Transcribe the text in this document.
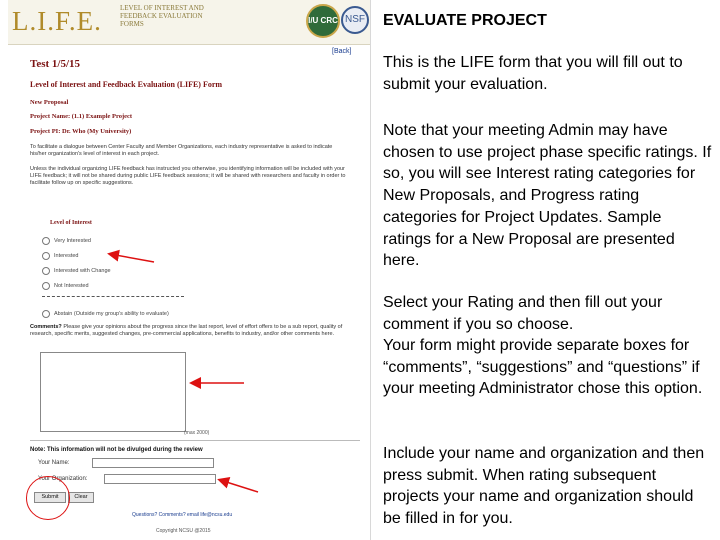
L.I.F.E.	LEVEL OF INTEREST AND FEEDBACK EVALUATION FORMS	I/U CRC NSF
[Back]
Test 1/5/15
Level of Interest and Feedback Evaluation (LIFE) Form
New Proposal
Project Name: (1.1) Example Project
Project PI: Dr. Who (My University)
To facilitate a dialogue between Center Faculty and Member Organizations, each industry representative is asked to indicate his/her organization's level of interest in each project.
Unless the individual organizing LIFE feedback has instructed you otherwise, you identifying information will be included with your LIFE feedback; it will not be shared during public LIFE feedback sessions; it will be shared with researchers and faculty in order to facilitate follow up on specific suggestions.
Level of Interest
Very Interested
Interested
Interested with Change
Not Interested
Abstain (Outside my group's ability to evaluate)
Comments? Please give your opinions about the progress since the last report, level of effort offers to be a sub report, quality of research, specific merits, suggested changes, pre-commercial applications, benefits to industry, and/or other comments here.
(max 2000)
Note: This information will not be divulged during the review
Your Name:
Your Organization:
Submit	Clear
Questions? Comments? email life@ncsu.edu
Copyright NCSU @2015
EVALUATE PROJECT
This is the LIFE form that you will fill out to submit your evaluation.
Note that your meeting Admin may have chosen to use project phase specific ratings. If so, you will see Interest rating categories for New Proposals, and Progress rating categories for Project Updates. Sample ratings for a New Proposal are presented here.
Select your Rating and then fill out your comment if you so choose.
Your form might provide separate boxes for “comments”, “suggestions” and “questions” if your meeting Administrator chose this option.
Include your name and organization and then press submit. When rating subsequent projects your name and organization should be filled in for you.
